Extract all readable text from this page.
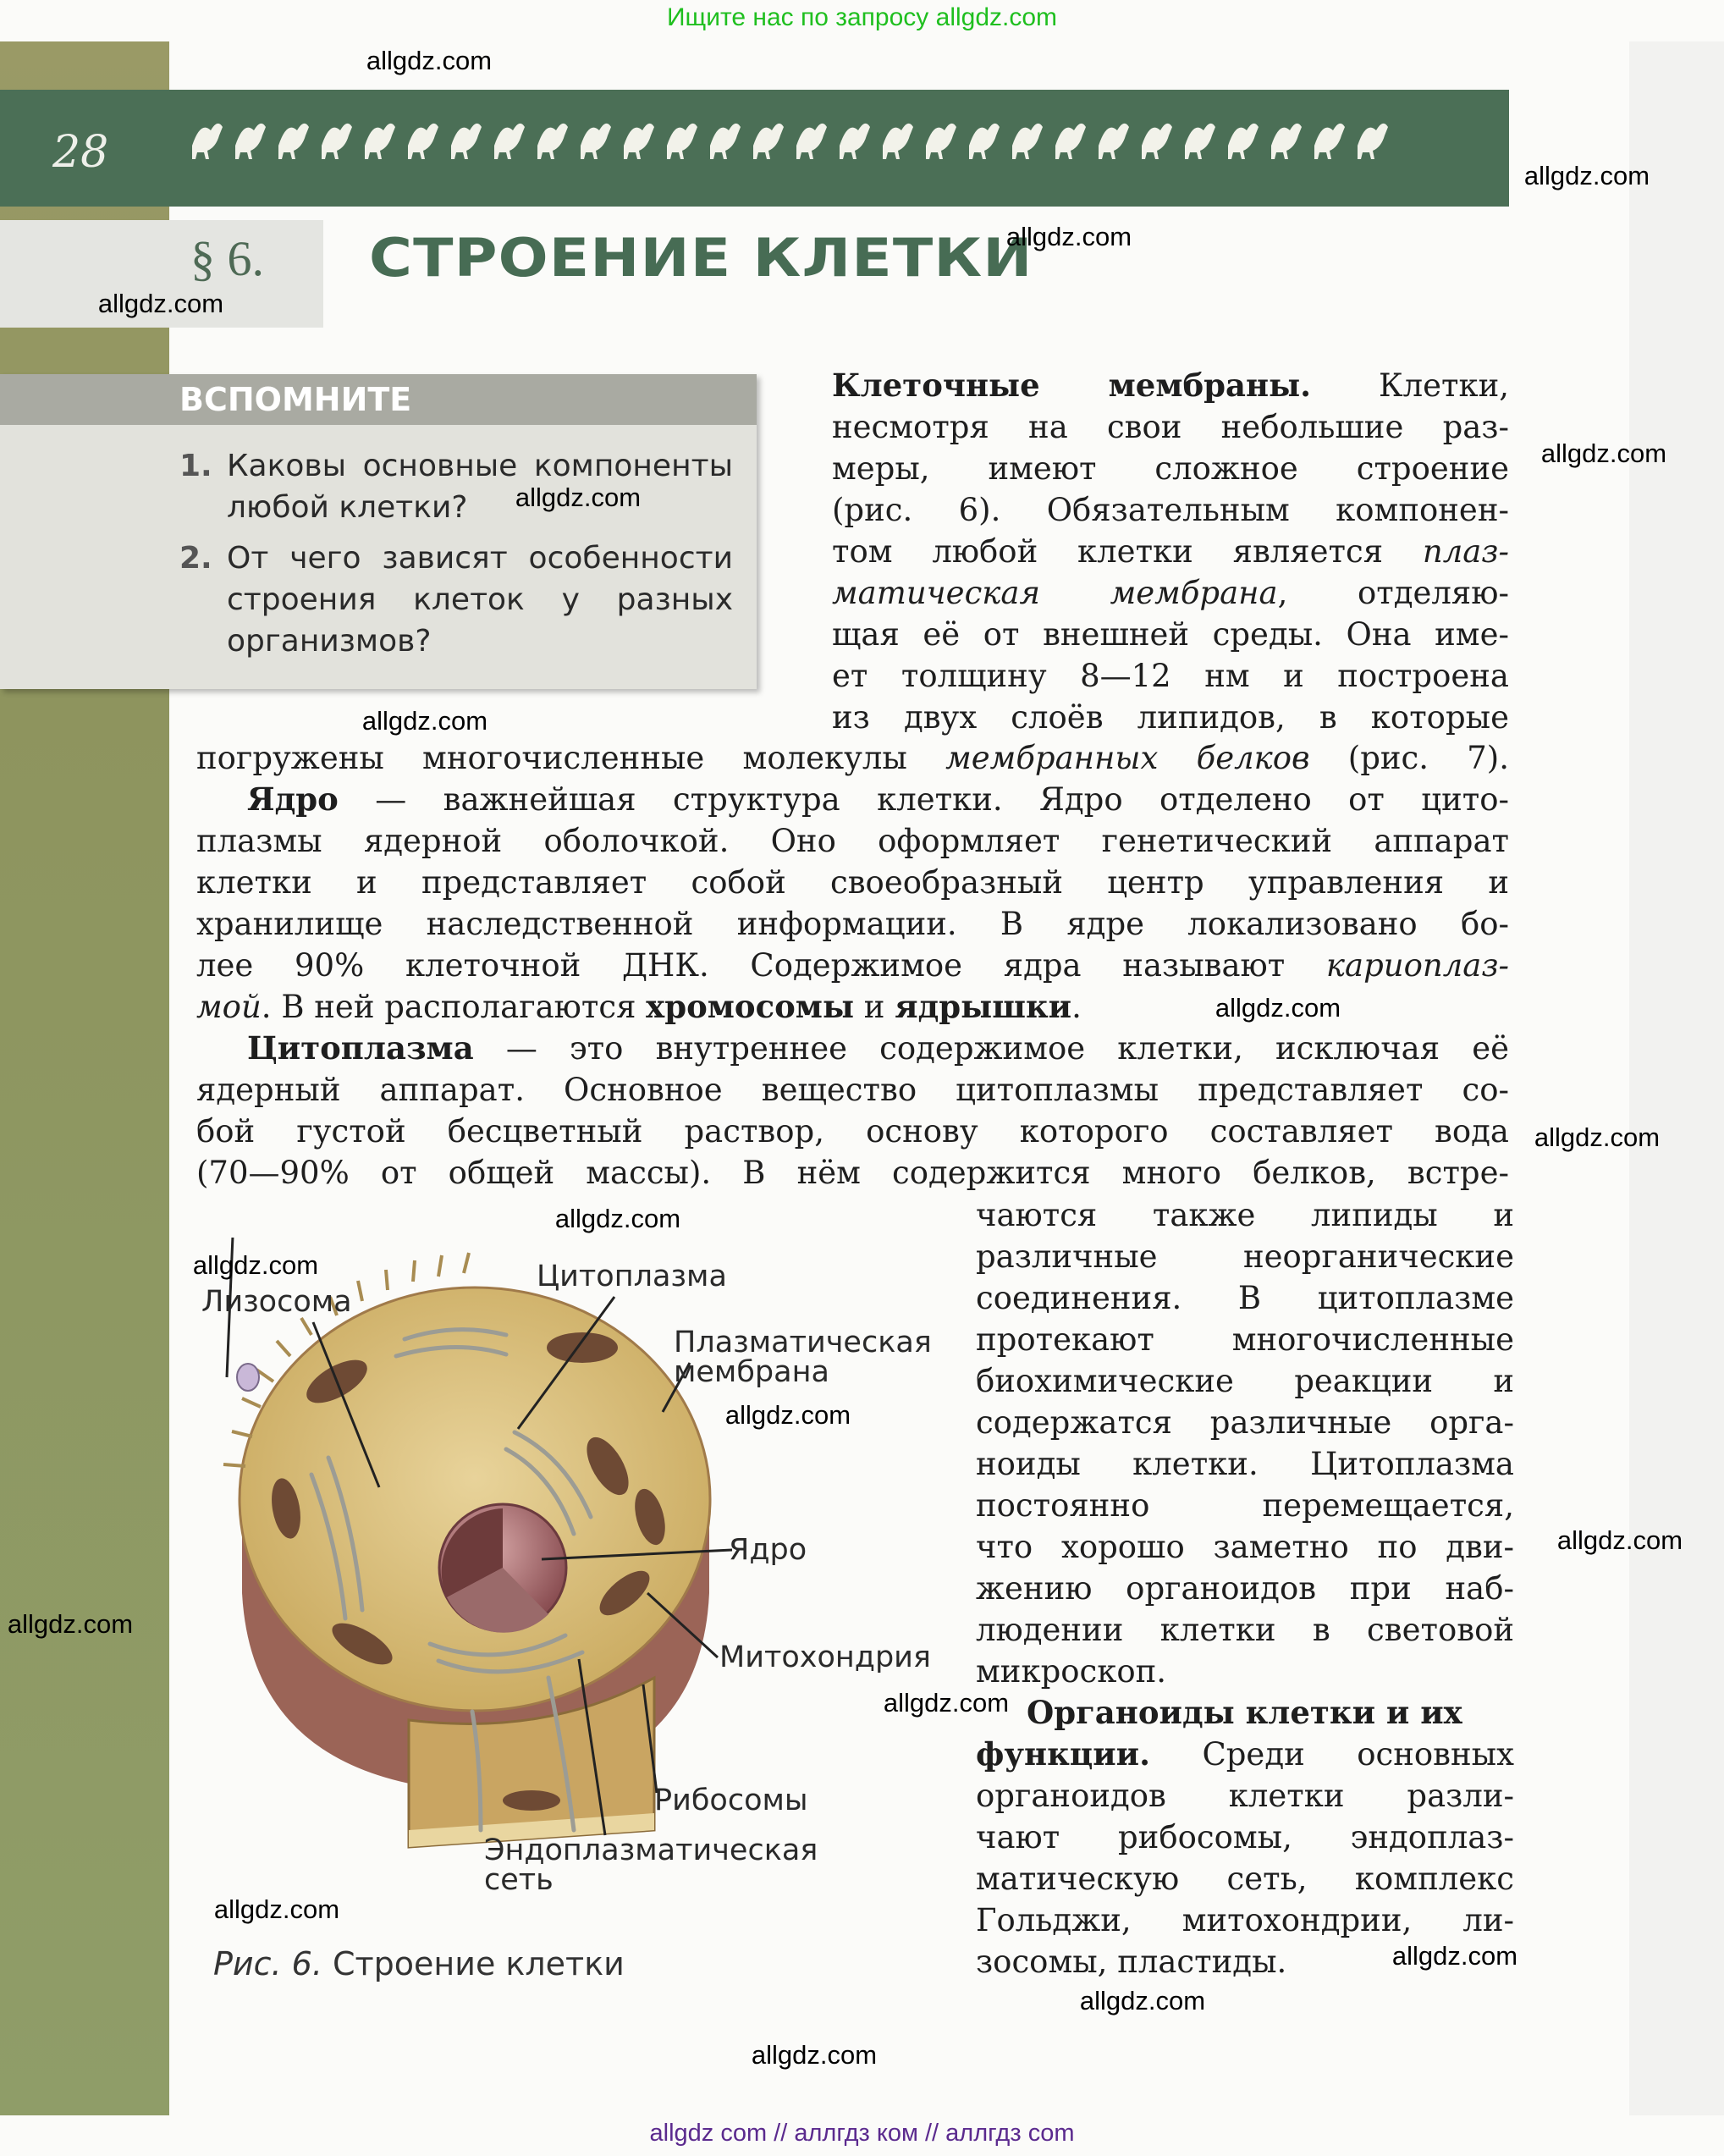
Ищите нас по запросу allgdz.com
28
§ 6. СТРОЕНИЕ КЛЕТКИ
ВСПОМНИТЕ
1. Каковы основные компоненты
любой клетки?
2. От чего зависят особенности
строения клеток у разных
организмов?
Клеточные мембраны. Клетки,
несмотря на свои небольшие раз-
меры, имеют сложное строение
(рис. 6). Обязательным компонен-
том любой клетки является плаз-
матическая мембрана, отделяю-
щая её от внешней среды. Она име-
ет толщину 8—12 нм и построена
из двух слоёв липидов, в которые
погружены многочисленные молекулы мембранных белков (рис. 7).
Ядро — важнейшая структура клетки. Ядро отделено от цито-
плазмы ядерной оболочкой. Оно оформляет генетический аппарат
клетки и представляет собой своеобразный центр управления и
хранилище наследственной информации. В ядре локализовано бо-
лее 90% клеточной ДНК. Содержимое ядра называют кариоплаз-
мой. В ней располагаются хромосомы и ядрышки.
Цитоплазма — это внутреннее содержимое клетки, исключая её
ядерный аппарат. Основное вещество цитоплазмы представляет со-
бой густой бесцветный раствор, основу которого составляет вода
(70—90% от общей массы). В нём содержится много белков, встре-
чаются также липиды и
различные неорганические
соединения. В цитоплазме
протекают многочисленные
биохимические реакции и
содержатся различные орга-
ноиды клетки. Цитоплазма
постоянно перемещается,
что хорошо заметно по дви-
жению органоидов при наб-
людении клетки в световой
микроскоп.
Органоиды клетки и их
функции. Среди основных
органоидов клетки разли-
чают рибосомы, эндоплаз-
матическую сеть, комплекс
Гольджи, митохондрии, ли-
зосомы, пластиды.
Лизосома
Цитоплазма
Плазматическая
мембрана
Ядро
Митохондрия
Рибосомы
Эндоплазматическая
сеть
Рис. 6. Строение клетки
allgdz.com
allgdz.com
allgdz.com
allgdz.com
allgdz.com
allgdz.com
allgdz.com
allgdz.com
allgdz.com
allgdz.com
allgdz.com
allgdz.com
allgdz.com
allgdz.com
allgdz.com
allgdz.com
allgdz.com
allgdz.com
allgdz.com
allgdz com // аллгдз ком // аллгдз com
